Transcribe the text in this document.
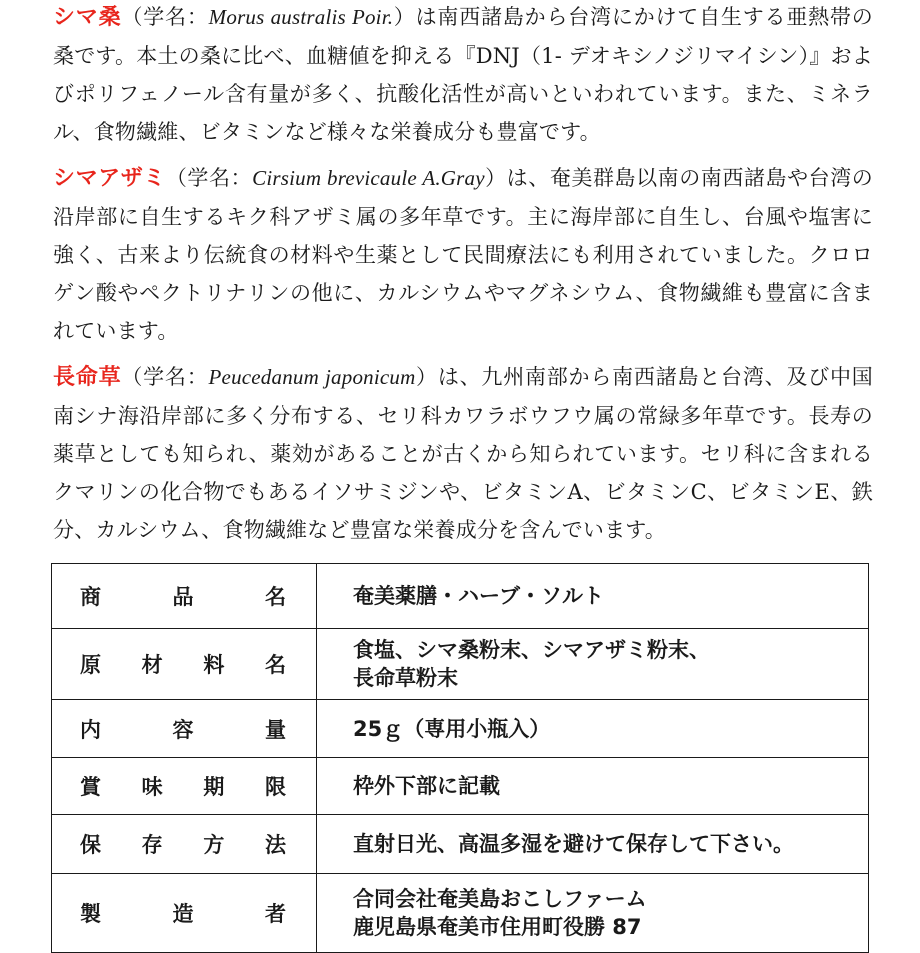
シマ桑（学名：Morus australis Poir.）は南西諸島から台湾にかけて自生する亜熱帯の桑です。本土の桑に比べ、血糖値を抑える『DNJ（1- デオキシノジリマイシン）』およびポリフェノール含有量が多く、抗酸化活性が高いといわれています。また、ミネラル、食物繊維、ビタミンなど様々な栄養成分も豊富です。

シマアザミ（学名：Cirsium brevicaule A.Gray）は、奄美群島以南の南西諸島や台湾の沿岸部に自生するキク科アザミ属の多年草です。主に海岸部に自生し、台風や塩害に強く、古来より伝統食の材料や生薬として民間療法にも利用されていました。クロロゲン酸やペクトリナリンの他に、カルシウムやマグネシウム、食物繊維も豊富に含まれています。

長命草（学名：Peucedanum japonicum）は、九州南部から南西諸島と台湾、及び中国南シナ海沿岸部に多く分布する、セリ科カワラボウフウ属の常緑多年草です。長寿の薬草としても知られ、薬効があることが古くから知られています。セリ科に含まれるクマリンの化合物でもあるイソサミジンや、ビタミンA、ビタミンC、ビタミンE、鉄分、カルシウム、食物繊維など豊富な栄養成分を含んでいます。

商品名	奄美薬膳・ハーブ・ソルト

原材料名	食塩、シマ桑粉末、シマアザミ粉末、
長命草粉末

内容量	25ｇ（専用小瓶入）
賞味期限	枠外下部に記載

保存方法	直射日光、高温多湿を避けて保存して下さい。

製造者	合同会社奄美島おこしファーム
鹿児島県奄美市住用町役勝 87
